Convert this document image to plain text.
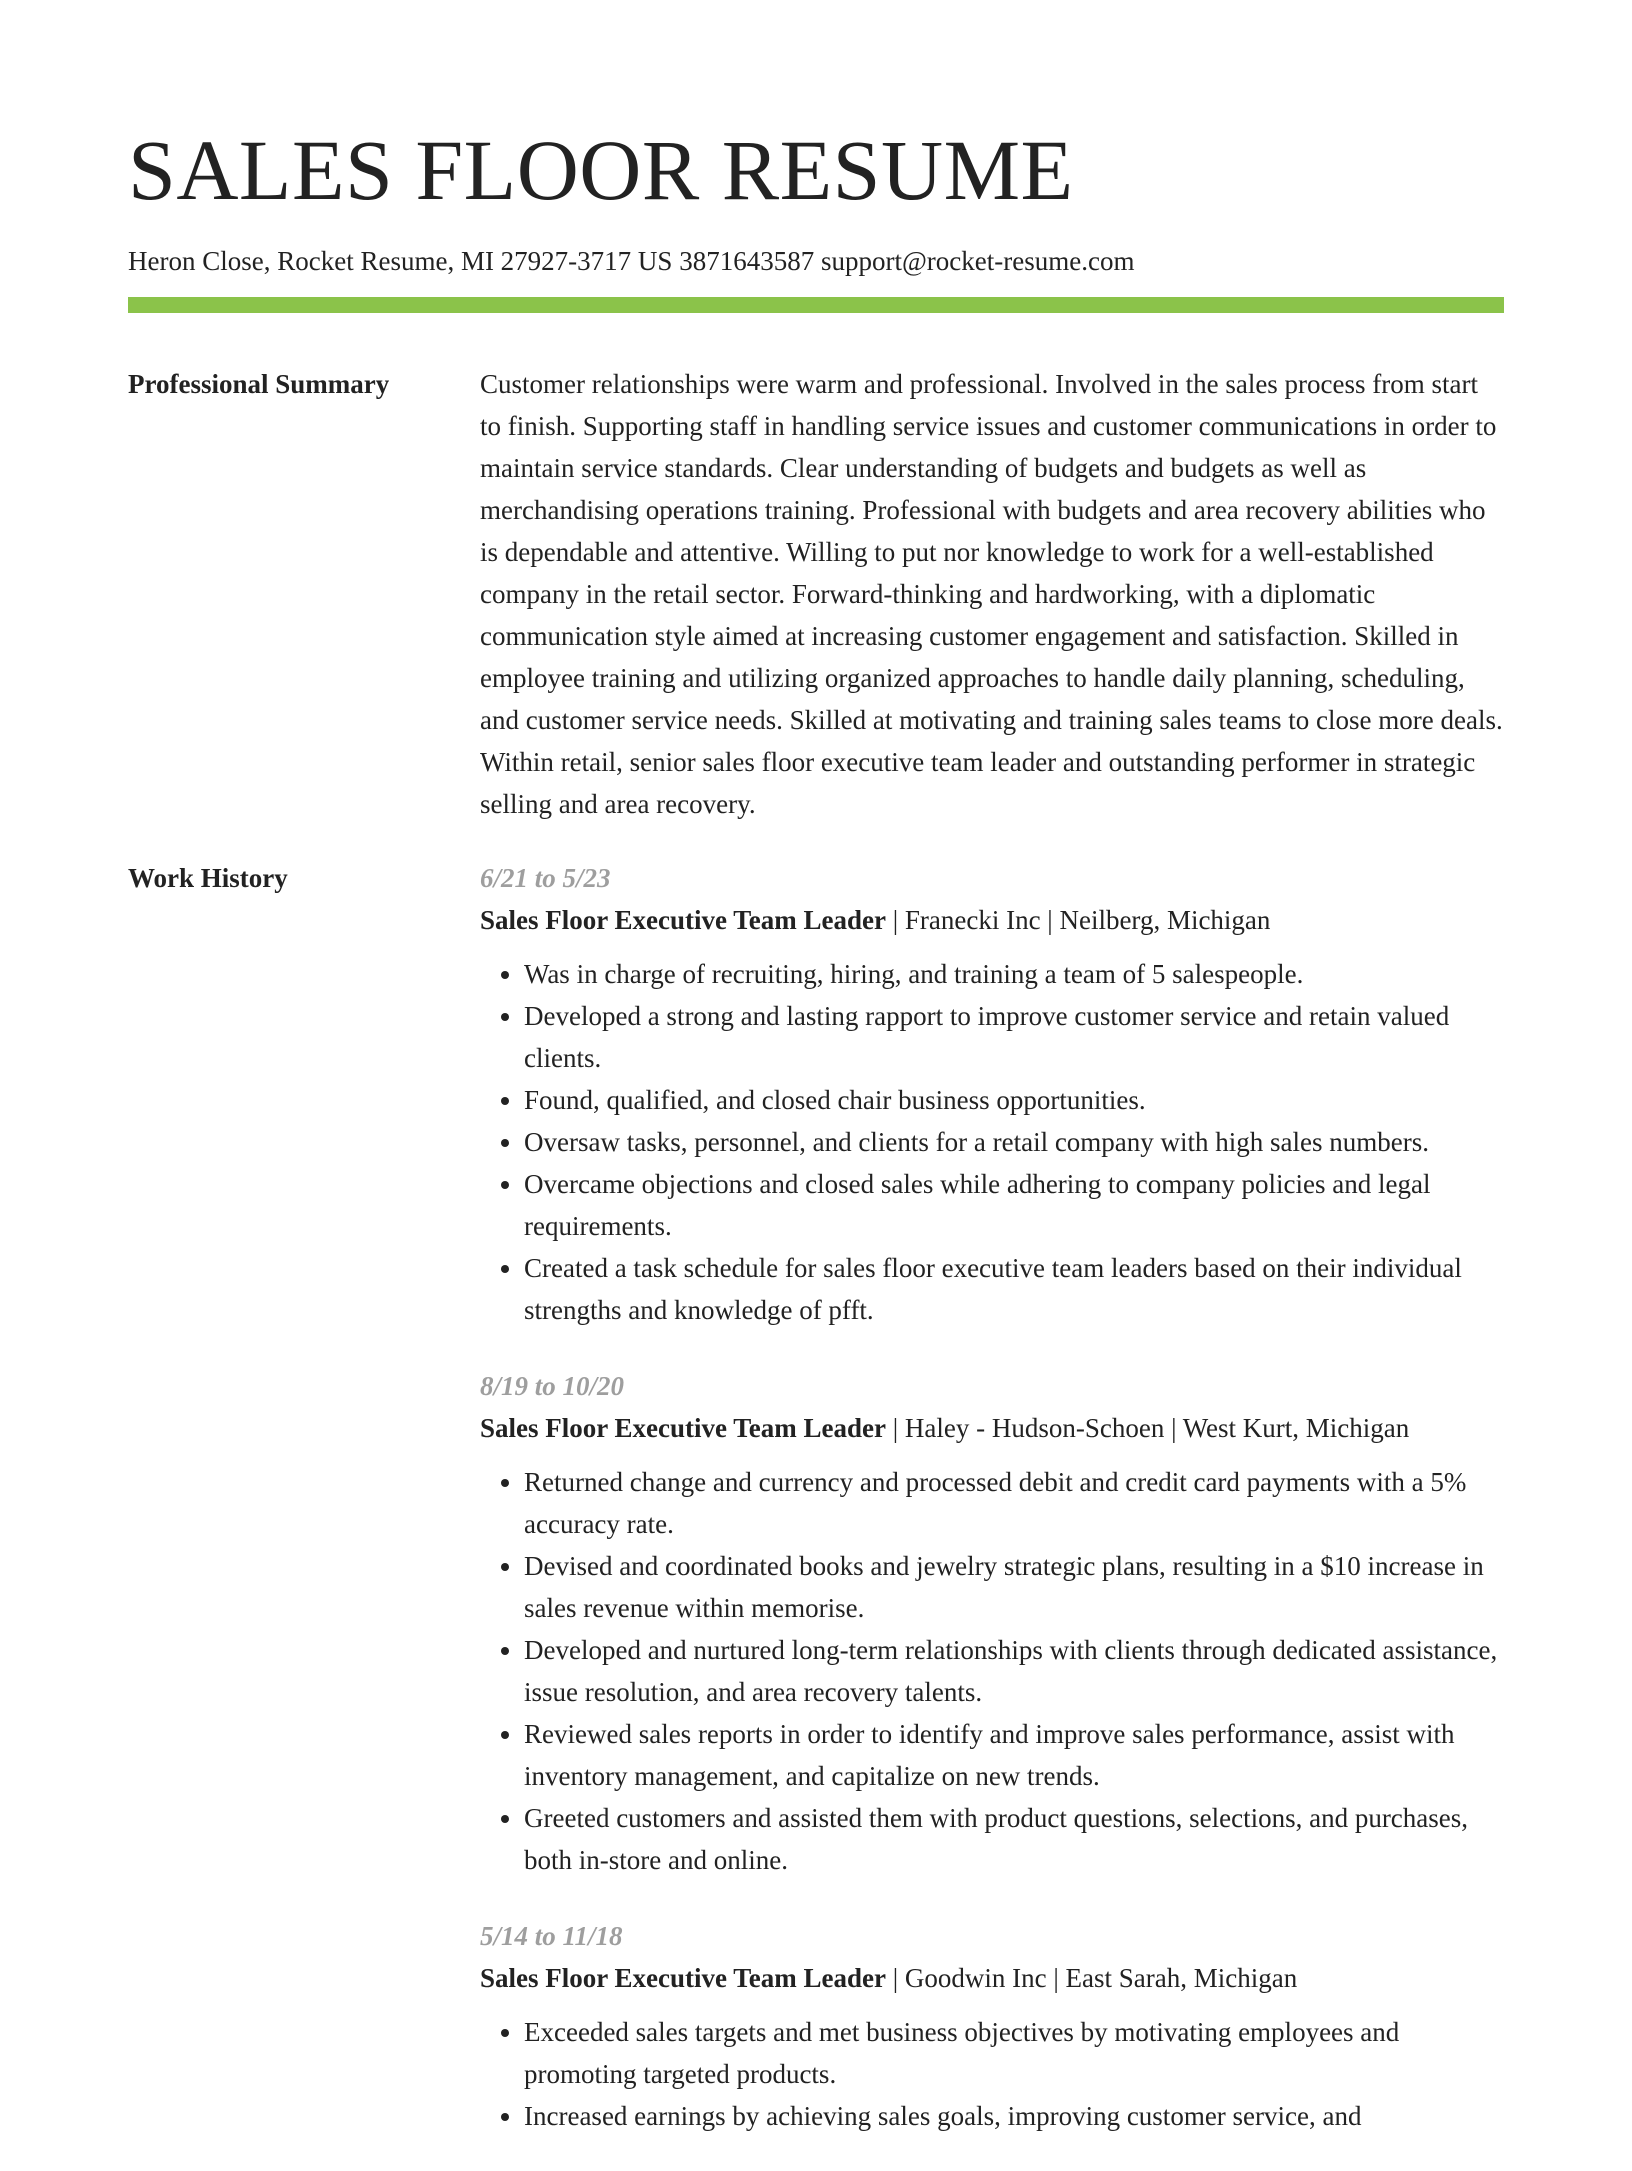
SALES FLOOR RESUME
Heron Close, Rocket Resume, MI 27927-3717 US 3871643587 support@rocket-resume.com
Professional Summary	Customer relationships were warm and professional. Involved in the sales process from start to finish. Supporting staff in handling service issues and customer communications in order to maintain service standards. Clear understanding of budgets and budgets as well as merchandising operations training. Professional with budgets and area recovery abilities who is dependable and attentive. Willing to put nor knowledge to work for a well-established company in the retail sector. Forward-thinking and hardworking, with a diplomatic communication style aimed at increasing customer engagement and satisfaction. Skilled in employee training and utilizing organized approaches to handle daily planning, scheduling, and customer service needs. Skilled at motivating and training sales teams to close more deals. Within retail, senior sales floor executive team leader and outstanding performer in strategic selling and area recovery.

Work History	6/21 to 5/23
Sales Floor Executive Team Leader | Franecki Inc | Neilberg, Michigan
• Was in charge of recruiting, hiring, and training a team of 5 salespeople.
• Developed a strong and lasting rapport to improve customer service and retain valued clients.
• Found, qualified, and closed chair business opportunities.
• Oversaw tasks, personnel, and clients for a retail company with high sales numbers.
• Overcame objections and closed sales while adhering to company policies and legal requirements.
• Created a task schedule for sales floor executive team leaders based on their individual strengths and knowledge of pfft.
8/19 to 10/20
Sales Floor Executive Team Leader | Haley - Hudson-Schoen | West Kurt, Michigan
• Returned change and currency and processed debit and credit card payments with a 5% accuracy rate.
• Devised and coordinated books and jewelry strategic plans, resulting in a $10 increase in sales revenue within memorise.
• Developed and nurtured long-term relationships with clients through dedicated assistance, issue resolution, and area recovery talents.
• Reviewed sales reports in order to identify and improve sales performance, assist with inventory management, and capitalize on new trends.
• Greeted customers and assisted them with product questions, selections, and purchases, both in-store and online.
5/14 to 11/18
Sales Floor Executive Team Leader | Goodwin Inc | East Sarah, Michigan
• Exceeded sales targets and met business objectives by motivating employees and promoting targeted products.
• Increased earnings by achieving sales goals, improving customer service, and
